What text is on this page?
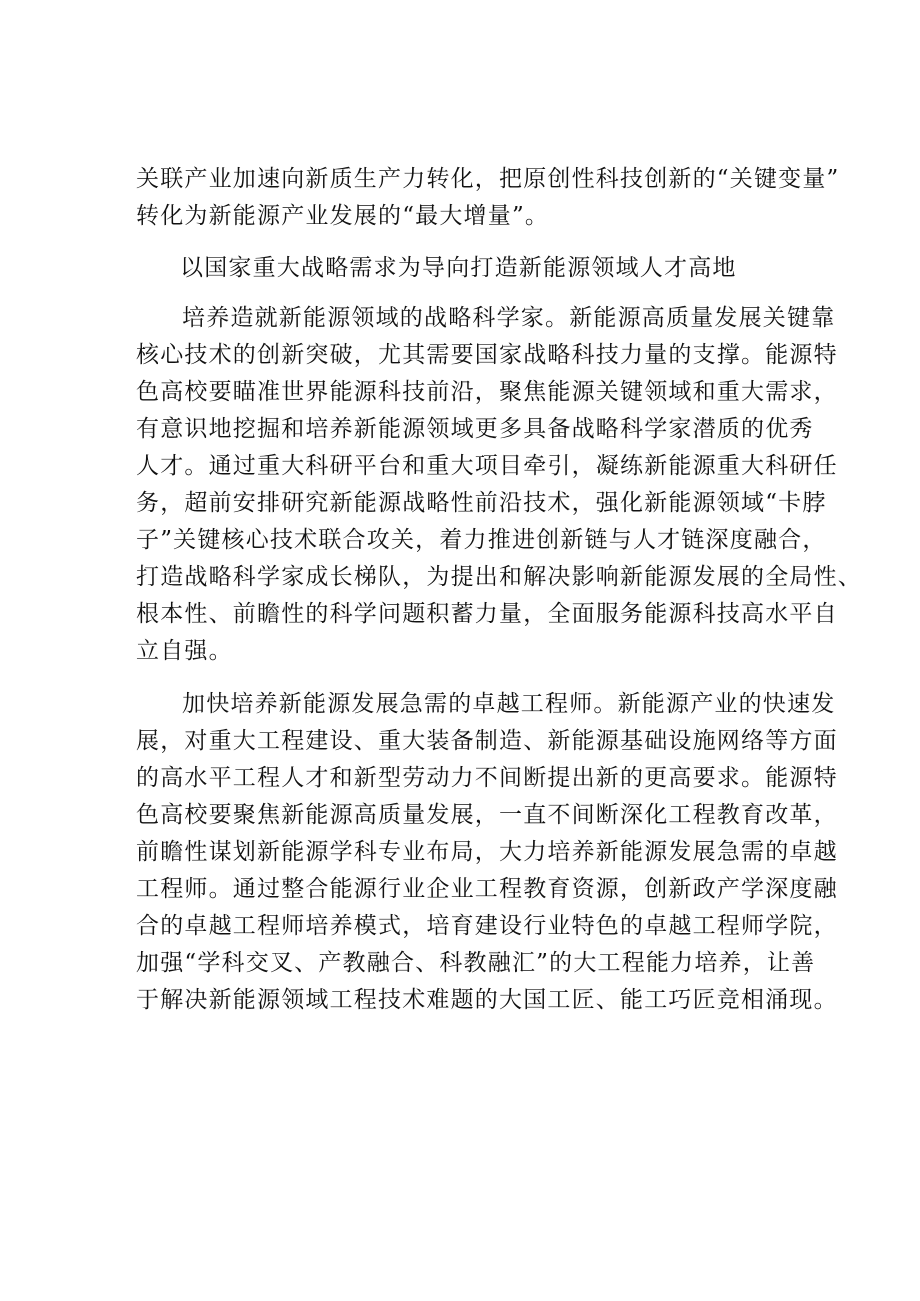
关联产业加速向新质生产力转化，把原创性科技创新的“关键变量”
转化为新能源产业发展的“最大增量”。
以国家重大战略需求为导向打造新能源领域人才高地
培养造就新能源领域的战略科学家。新能源高质量发展关键靠
核心技术的创新突破，尤其需要国家战略科技力量的支撑。能源特
色高校要瞄准世界能源科技前沿，聚焦能源关键领域和重大需求，
有意识地挖掘和培养新能源领域更多具备战略科学家潜质的优秀
人才。通过重大科研平台和重大项目牵引，凝练新能源重大科研任
务，超前安排研究新能源战略性前沿技术，强化新能源领域“卡脖
子”关键核心技术联合攻关，着力推进创新链与人才链深度融合，
打造战略科学家成长梯队，为提出和解决影响新能源发展的全局性、
根本性、前瞻性的科学问题积蓄力量，全面服务能源科技高水平自
立自强。
加快培养新能源发展急需的卓越工程师。新能源产业的快速发
展，对重大工程建设、重大装备制造、新能源基础设施网络等方面
的高水平工程人才和新型劳动力不间断提出新的更高要求。能源特
色高校要聚焦新能源高质量发展，一直不间断深化工程教育改革，
前瞻性谋划新能源学科专业布局，大力培养新能源发展急需的卓越
工程师。通过整合能源行业企业工程教育资源，创新政产学深度融
合的卓越工程师培养模式，培育建设行业特色的卓越工程师学院，
加强“学科交叉、产教融合、科教融汇”的大工程能力培养，让善
于解决新能源领域工程技术难题的大国工匠、能工巧匠竞相涌现。
